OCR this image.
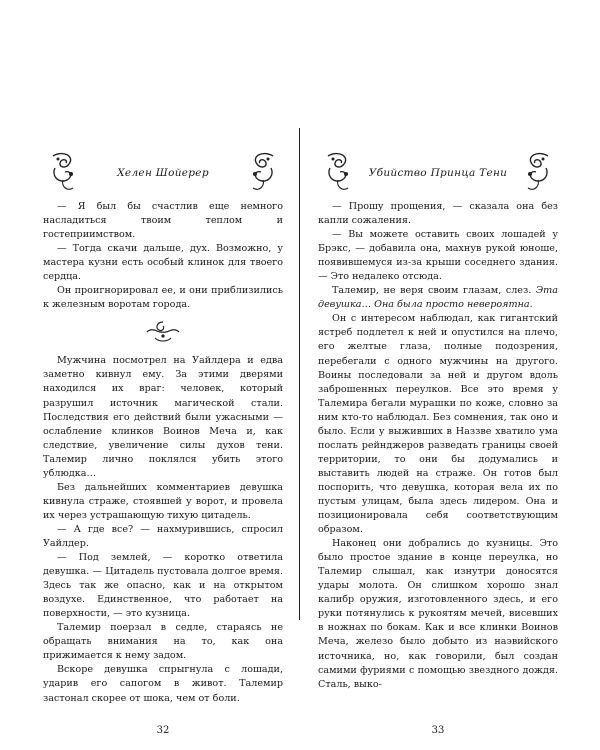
Хелен Шойерер

— Я был бы счастлив еще немного насладиться твоим теплом и гостеприимством.

— Тогда скачи дальше, дух. Возможно, у мастера кузни есть особый клинок для твоего сердца.

Он проигнорировал ее, и они приблизились к железным воротам города.

Мужчина посмотрел на Уайлдера и едва заметно кивнул ему. За этими дверями находился их враг: человек, который разрушил источник магической стали. Последствия его действий были ужасными — ослабление клинков Воинов Меча и, как следствие, увеличение силы духов тени. Талемир лично поклялся убить этого ублюдка…

Без дальнейших комментариев девушка кивнула страже, стоявшей у ворот, и провела их через устрашающую тихую цитадель.

— А где все? — нахмурившись, спросил Уайлдер.

— Под землей, — коротко ответила девушка. — Цитадель пустовала долгое время. Здесь так же опасно, как и на открытом воздухе. Единственное, что работает на поверхности, — это кузница.

Талемир поерзал в седле, стараясь не обращать внимания на то, как она прижимается к нему задом.

Вскоре девушка спрыгнула с лошади, ударив его сапогом в живот. Талемир застонал скорее от шока, чем от боли.

32
Убийство Принца Тени

— Прошу прощения, — сказала она без капли сожаления.

— Вы можете оставить своих лошадей у Брэкс, — добавила она, махнув рукой юноше, появившемуся из-за крыши соседнего здания. — Это недалеко отсюда.

Талемир, не веря своим глазам, слез. Эта девушка… Она была просто невероятна.

Он с интересом наблюдал, как гигантский ястреб подлетел к ней и опустился на плечо, его желтые глаза, полные подозрения, перебегали с одного мужчины на другого. Воины последовали за ней и другом вдоль заброшенных переулков. Все это время у Талемира бегали мурашки по коже, словно за ним кто-то наблюдал. Без сомнения, так оно и было. Если у выживших в Наззве хватило ума послать рейнджеров разведать границы своей территории, то они бы додумались и выставить людей на страже. Он готов был поспорить, что девушка, которая вела их по пустым улицам, была здесь лидером. Она и позиционировала себя соответствующим образом.

Наконец они добрались до кузницы. Это было простое здание в конце переулка, но Талемир слышал, как изнутри доносятся удары молота. Он слишком хорошо знал калибр оружия, изготовленного здесь, и его руки потянулись к рукоятям мечей, висевших в ножнах по бокам. Как и все клинки Воинов Меча, железо было добыто из наэвийского источника, но, как говорили, был создан самими фуриями с помощью звездного дождя. Сталь, выко-

33
